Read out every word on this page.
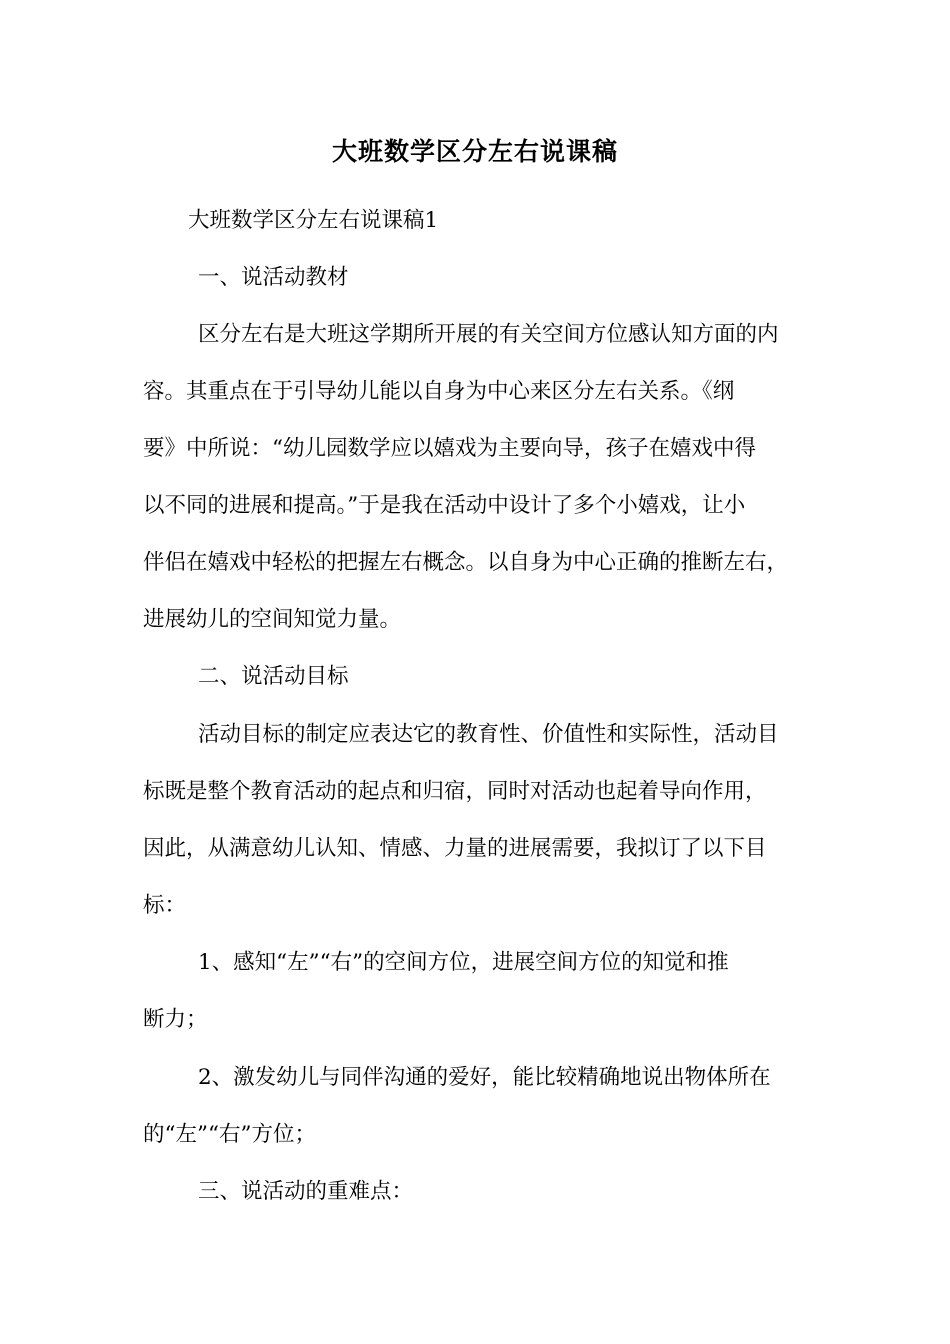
大班数学区分左右说课稿
大班数学区分左右说课稿1
一、说活动教材
区分左右是大班这学期所开展的有关空间方位感认知方面的内
容。其重点在于引导幼儿能以自身为中心来区分左右关系。《纲
要》中所说：“幼儿园数学应以嬉戏为主要向导，孩子在嬉戏中得
以不同的进展和提高。”于是我在活动中设计了多个小嬉戏，让小
伴侣在嬉戏中轻松的把握左右概念。以自身为中心正确的推断左右，
进展幼儿的空间知觉力量。
二、说活动目标
活动目标的制定应表达它的教育性、价值性和实际性，活动目
标既是整个教育活动的起点和归宿，同时对活动也起着导向作用，
因此，从满意幼儿认知、情感、力量的进展需要，我拟订了以下目
标：
1、感知“左”“右”的空间方位，进展空间方位的知觉和推
断力；
2、激发幼儿与同伴沟通的爱好，能比较精确地说出物体所在
的“左”“右”方位；
三、说活动的重难点：
